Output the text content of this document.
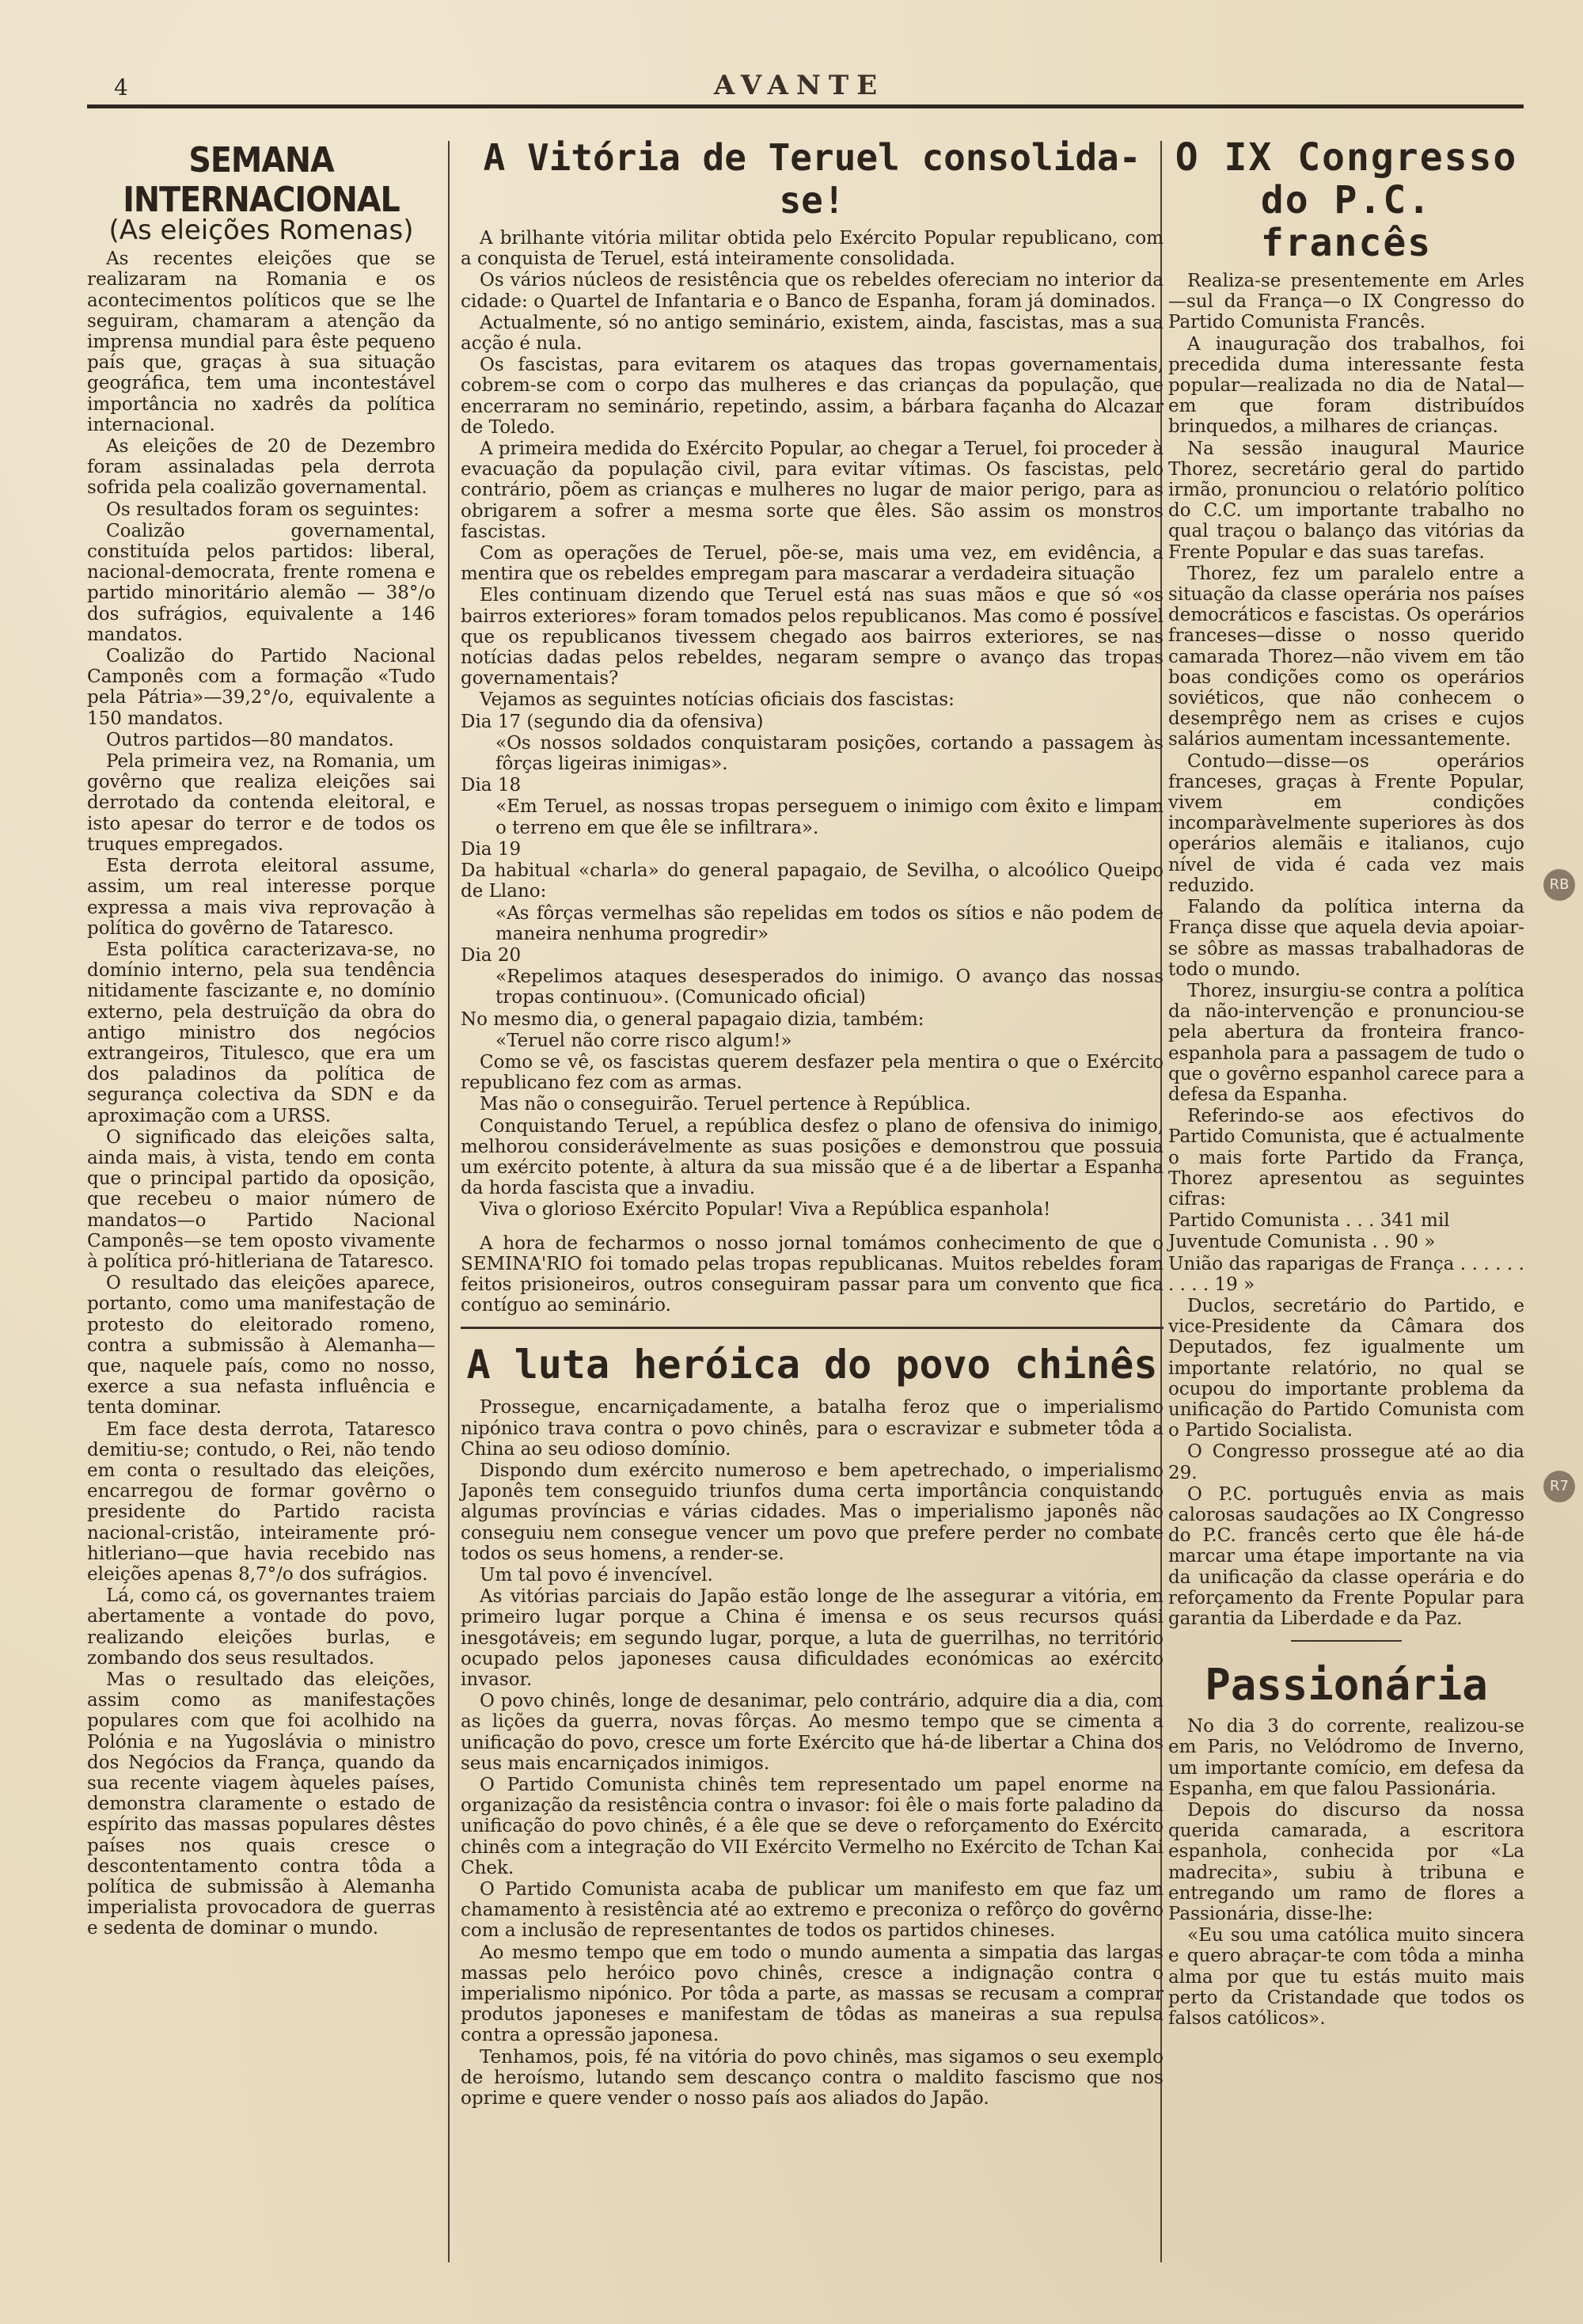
4	AVANTE
SEMANA INTERNACIONAL
(As eleições Romenas)

As recentes eleições que se realizaram na Romania e os acontecimentos políticos que se lhe seguiram, chamaram a atenção da imprensa mundial para êste pequeno país que, graças à sua situação geográfica, tem uma incontestável importância no xadrês da política internacional.

As eleições de 20 de Dezembro foram assinaladas pela derrota sofrida pela coalizão governamental.

Os resultados foram os seguintes:

Coalizão governamental, constituída pelos partidos: liberal, nacional-democrata, frente romena e partido minoritário alemão — 38°/o dos sufrágios, equivalente a 146 mandatos.

Coalizão do Partido Nacional Camponês com a formação «Tudo pela Pátria»—39,2°/o, equivalente a 150 mandatos.

Outros partidos—80 mandatos.

Pela primeira vez, na Romania, um govêrno que realiza eleições sai derrotado da contenda eleitoral, e isto apesar do terror e de todos os truques empregados.

Esta derrota eleitoral assume, assim, um real interesse porque expressa a mais viva reprovação à política do govêrno de Tataresco.

Esta política caracterizava-se, no domínio interno, pela sua tendência nitidamente fascizante e, no domínio externo, pela destruïção da obra do antigo ministro dos negócios extrangeiros, Titulesco, que era um dos paladinos da política de segurança colectiva da SDN e da aproximação com a URSS.

O significado das eleições salta, ainda mais, à vista, tendo em conta que o principal partido da oposição, que recebeu o maior número de mandatos—o Partido Nacional Camponês—se tem oposto vivamente à política pró-hitleriana de Tataresco.

O resultado das eleições aparece, portanto, como uma manifestação de protesto do eleitorado romeno, contra a submissão à Alemanha—que, naquele país, como no nosso, exerce a sua nefasta influência e tenta dominar.

Em face desta derrota, Tataresco demitiu-se; contudo, o Rei, não tendo em conta o resultado das eleições, encarregou de formar govêrno o presidente do Partido racista nacional-cristão, inteiramente pró-hitleriano—que havia recebido nas eleições apenas 8,7°/o dos sufrágios.

Lá, como cá, os governantes traiem abertamente a vontade do povo, realizando eleições burlas, e zombando dos seus resultados.

Mas o resultado das eleições, assim como as manifestações populares com que foi acolhido na Polónia e na Yugoslávia o ministro dos Negócios da França, quando da sua recente viagem àqueles países, demonstra claramente o estado de espírito das massas populares dêstes países nos quais cresce o descontentamento contra tôda a política de submissão à Alemanha imperialista provocadora de guerras e sedenta de dominar o mundo.

A Vitória de Teruel consolida-se!

A brilhante vitória militar obtida pelo Exército Popular republicano, com a conquista de Teruel, está inteiramente consolidada.

Os vários núcleos de resistência que os rebeldes ofereciam no interior da cidade: o Quartel de Infantaria e o Banco de Espanha, foram já dominados.

Actualmente, só no antigo seminário, existem, ainda, fascistas, mas a sua acção é nula.

Os fascistas, para evitarem os ataques das tropas governamentais, cobrem-se com o corpo das mulheres e das crianças da população, que encerraram no seminário, repetindo, assim, a bárbara façanha do Alcazar de Toledo.

A primeira medida do Exército Popular, ao chegar a Teruel, foi proceder à evacuação da população civil, para evitar vítimas. Os fascistas, pelo contrário, põem as crianças e mulheres no lugar de maior perigo, para as obrigarem a sofrer a mesma sorte que êles. São assim os monstros fascistas.

Com as operações de Teruel, põe-se, mais uma vez, em evidência, a mentira que os rebeldes empregam para mascarar a verdadeira situação

Eles continuam dizendo que Teruel está nas suas mãos e que só «os bairros exteriores» foram tomados pelos republicanos. Mas como é possível que os republicanos tivessem chegado aos bairros exteriores, se nas notícias dadas pelos rebeldes, negaram sempre o avanço das tropas governamentais?

Vejamos as seguintes notícias oficiais dos fascistas:

Dia 17 (segundo dia da ofensiva)

«Os nossos soldados conquistaram posições, cortando a passagem às fôrças ligeiras inimigas».

Dia 18

«Em Teruel, as nossas tropas perseguem o inimigo com êxito e limpam o terreno em que êle se infiltrara».

Dia 19

Da habitual «charla» do general papagaio, de Sevilha, o alcoólico Queipo de Llano:

«As fôrças vermelhas são repelidas em todos os sítios e não podem de maneira nenhuma progredir»

Dia 20

«Repelimos ataques desesperados do inimigo. O avanço das nossas tropas continuou». (Comunicado oficial)

No mesmo dia, o general papagaio dizia, também:

«Teruel não corre risco algum!»

Como se vê, os fascistas querem desfazer pela mentira o que o Exército republicano fez com as armas.

Mas não o conseguirão. Teruel pertence à República.

Conquistando Teruel, a república desfez o plano de ofensiva do inimigo, melhorou considerávelmente as suas posições e demonstrou que possuia um exército potente, à altura da sua missão que é a de libertar a Espanha da horda fascista que a invadiu.

Viva o glorioso Exército Popular! Viva a República espanhola!

A hora de fecharmos o nosso jornal tomámos conhecimento de que o SEMINA'RIO foi tomado pelas tropas republicanas. Muitos rebeldes foram feitos prisioneiros, outros conseguiram passar para um convento que fica contíguo ao seminário.

A luta heróica do povo chinês

Prossegue, encarniçadamente, a batalha feroz que o imperialismo nipónico trava contra o povo chinês, para o escravizar e submeter tôda a China ao seu odioso domínio.

Dispondo dum exército numeroso e bem apetrechado, o imperialismo Japonês tem conseguido triunfos duma certa importância conquistando algumas províncias e várias cidades. Mas o imperialismo japonês não conseguiu nem consegue vencer um povo que prefere perder no combate todos os seus homens, a render-se.

Um tal povo é invencível.

As vitórias parciais do Japão estão longe de lhe assegurar a vitória, em primeiro lugar porque a China é imensa e os seus recursos quási inesgotáveis; em segundo lugar, porque, a luta de guerrilhas, no território ocupado pelos japoneses causa dificuldades económicas ao exército invasor.

O povo chinês, longe de desanimar, pelo contrário, adquire dia a dia, com as lições da guerra, novas fôrças. Ao mesmo tempo que se cimenta a unificação do povo, cresce um forte Exército que há-de libertar a China dos seus mais encarniçados inimigos.

O Partido Comunista chinês tem representado um papel enorme na organização da resistência contra o invasor: foi êle o mais forte paladino da unificação do povo chinês, é a êle que se deve o reforçamento do Exército chinês com a integração do VII Exército Vermelho no Exército de Tchan Kai Chek.

O Partido Comunista acaba de publicar um manifesto em que faz um chamamento à resistência até ao extremo e preconiza o refôrço do govêrno com a inclusão de representantes de todos os partidos chineses.

Ao mesmo tempo que em todo o mundo aumenta a simpatia das largas massas pelo heróico povo chinês, cresce a indignação contra o imperialismo nipónico. Por tôda a parte, as massas se recusam a comprar produtos japoneses e manifestam de tôdas as maneiras a sua repulsa contra a opressão japonesa.

Tenhamos, pois, fé na vitória do povo chinês, mas sigamos o seu exemplo de heroísmo, lutando sem descanço contra o maldito fascismo que nos oprime e quere vender o nosso país aos aliados do Japão.

O IX Congresso do P.C. francês

Realiza-se presentemente em Arles—sul da França—o IX Congresso do Partido Comunista Francês.

A inauguração dos trabalhos, foi precedida duma interessante festa popular—realizada no dia de Natal—em que foram distribuídos brinquedos, a milhares de crianças.

Na sessão inaugural Maurice Thorez, secretário geral do partido irmão, pronunciou o relatório político do C.C. um importante trabalho no qual traçou o balanço das vitórias da Frente Popular e das suas tarefas.

Thorez, fez um paralelo entre a situação da classe operária nos países democráticos e fascistas. Os operários franceses—disse o nosso querido camarada Thorez—não vivem em tão boas condições como os operários soviéticos, que não conhecem o desemprêgo nem as crises e cujos salários aumentam incessantemente.

Contudo—disse—os operários franceses, graças à Frente Popular, vivem em condições incomparàvelmente superiores às dos operários alemãis e italianos, cujo nível de vida é cada vez mais reduzido.

Falando da política interna da França disse que aquela devia apoiar-se sôbre as massas trabalhadoras de todo o mundo.

Thorez, insurgiu-se contra a política da não-intervenção e pronunciou-se pela abertura da fronteira franco-espanhola para a passagem de tudo o que o govêrno espanhol carece para a defesa da Espanha.

Referindo-se aos efectivos do Partido Comunista, que é actualmente o mais forte Partido da França, Thorez apresentou as seguintes cifras:

Partido Comunista . . . 341 mil

Juventude Comunista . . 90 »

União das raparigas de França . . . . . . . . . . 19 »

Duclos, secretário do Partido, e vice-Presidente da Câmara dos Deputados, fez igualmente um importante relatório, no qual se ocupou do importante problema da unificação do Partido Comunista com o Partido Socialista.

O Congresso prossegue até ao dia 29.

O P.C. português envia as mais calorosas saudações ao IX Congresso do P.C. francês certo que êle há-de marcar uma étape importante na via da unificação da classe operária e do reforçamento da Frente Popular para garantia da Liberdade e da Paz.

Passionária

No dia 3 do corrente, realizou-se em Paris, no Velódromo de Inverno, um importante comício, em defesa da Espanha, em que falou Passionária.

Depois do discurso da nossa querida camarada, a escritora espanhola, conhecida por «La madrecita», subiu à tribuna e entregando um ramo de flores a Passionária, disse-lhe:

«Eu sou uma católica muito sincera e quero abraçar-te com tôda a minha alma por que tu estás muito mais perto da Cristandade que todos os falsos católicos».

RB
R7
